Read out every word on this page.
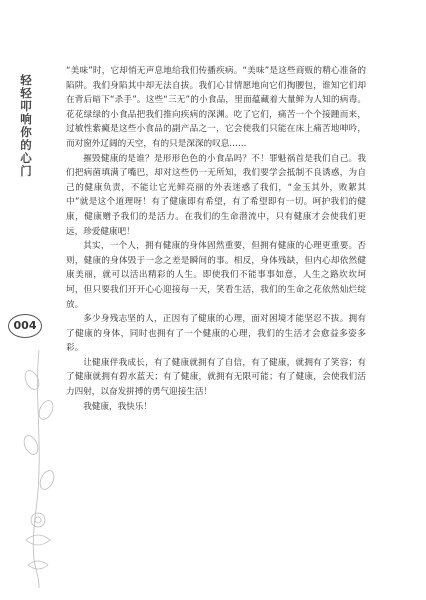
轻轻叩响你的心门

“美味”时，它却悄无声息地给我们传播疾病。“美味”是这些商贩的精心准备的陷阱。我们身陷其中却无法自拔。我们心甘情愿地向它们掏腰包，谁知它们却在背后暗下“杀手”。这些“三无”的小食品，里面蕴藏着大量鲜为人知的病毒。花花绿绿的小食品把我们推向疾病的深渊。吃了它们，痛苦一个个接踵而来，过敏性紫癜是这些小食品的副产品之一，它会使我们只能在床上痛苦地呻吟，而对窗外辽阔的天空，有的只是深深的叹息……

摧毁健康的是谁？是形形色色的小食品吗？不！罪魁祸首是我们自己。我们把病菌填满了嘴巴，却对这些仍一无所知，我们要学会抵制不良诱惑，为自己的健康负责，不能让它光鲜亮丽的外表迷惑了我们，“金玉其外，败絮其中”就是这个道理呀！有了健康即有希望，有了希望即有一切。呵护我们的健康，健康赠予我们的是活力。在我们的生命潜流中，只有健康才会使我们更远，珍爱健康吧！

其实，一个人，拥有健康的身体固然重要，但拥有健康的心理更重要。否则，健康的身体毁于一念之差是瞬间的事。相反，身体残缺，但内心却依然健康美丽，就可以活出精彩的人生。即使我们不能事事如意，人生之路坎坎坷坷，但只要我们开开心心迎接每一天，笑看生活，我们的生命之花依然灿烂绽放。

多少身残志坚的人，正因有了健康的心理，面对困境才能坚忍不拔。拥有了健康的身体，同时也拥有了一个健康的心理，我们的生活才会愈益多姿多彩。

让健康伴我成长，有了健康就拥有了自信，有了健康，就拥有了笑容；有了健康就拥有碧水蓝天；有了健康，就拥有无限可能；有了健康，会使我们活力四射，以奋发拼搏的勇气迎接生活！

我健康，我快乐！

004
